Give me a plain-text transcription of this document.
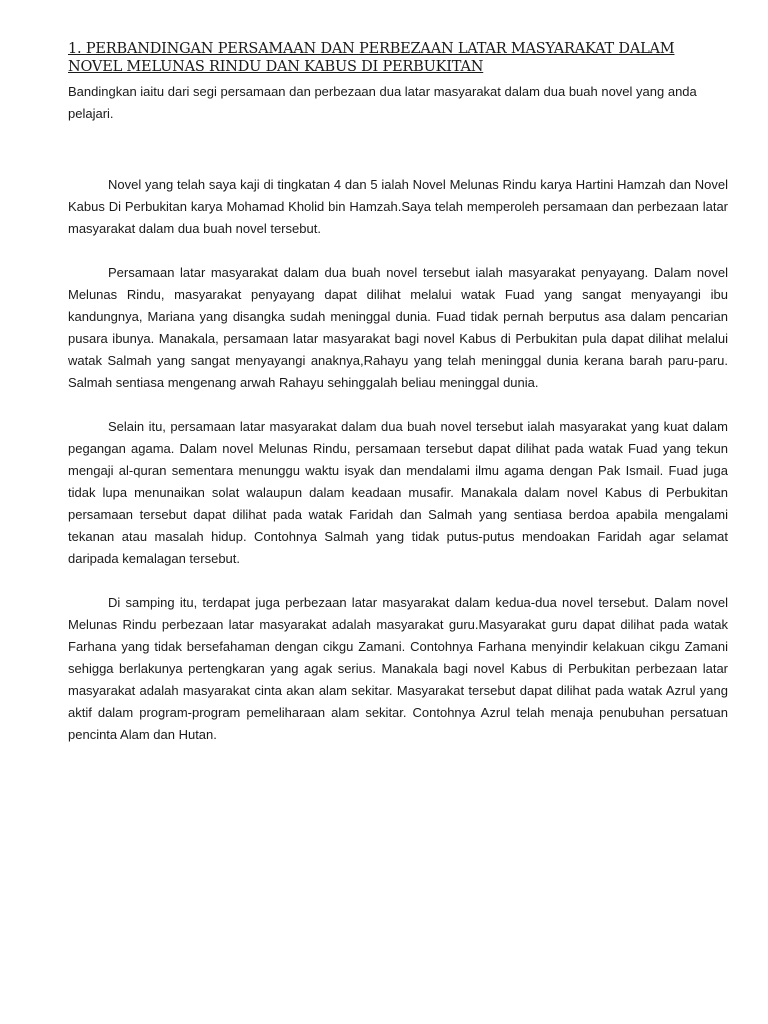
1. PERBANDINGAN PERSAMAAN DAN PERBEZAAN LATAR MASYARAKAT DALAM NOVEL MELUNAS RINDU DAN KABUS DI PERBUKITAN

Bandingkan iaitu dari segi persamaan dan perbezaan dua latar masyarakat dalam dua buah novel yang anda pelajari.

Novel yang telah saya kaji di tingkatan 4 dan 5 ialah Novel Melunas Rindu karya Hartini Hamzah dan Novel Kabus Di Perbukitan karya Mohamad Kholid bin Hamzah.Saya telah memperoleh persamaan dan perbezaan latar masyarakat dalam dua buah novel tersebut.

Persamaan latar masyarakat dalam dua buah novel tersebut ialah masyarakat penyayang. Dalam novel Melunas Rindu, masyarakat penyayang dapat dilihat melalui watak Fuad yang sangat menyayangi ibu kandungnya, Mariana yang disangka sudah meninggal dunia. Fuad tidak pernah berputus asa dalam pencarian pusara ibunya. Manakala, persamaan latar masyarakat bagi novel Kabus di Perbukitan pula dapat dilihat melalui watak Salmah yang sangat menyayangi anaknya,Rahayu yang telah meninggal dunia kerana barah paru-paru. Salmah sentiasa mengenang arwah Rahayu sehinggalah beliau meninggal dunia.

Selain itu, persamaan latar masyarakat dalam dua buah novel tersebut ialah masyarakat yang kuat dalam pegangan agama. Dalam novel Melunas Rindu, persamaan tersebut dapat dilihat pada watak Fuad yang tekun mengaji al-quran sementara menunggu waktu isyak dan mendalami ilmu agama dengan Pak Ismail. Fuad juga tidak lupa menunaikan solat walaupun dalam keadaan musafir. Manakala dalam novel Kabus di Perbukitan persamaan tersebut dapat dilihat pada watak Faridah dan Salmah yang sentiasa berdoa apabila mengalami tekanan atau masalah hidup. Contohnya Salmah yang tidak putus-putus mendoakan Faridah agar selamat daripada kemalagan tersebut.

Di samping itu, terdapat juga perbezaan latar masyarakat dalam kedua-dua novel tersebut. Dalam novel Melunas Rindu perbezaan latar masyarakat adalah masyarakat guru.Masyarakat guru dapat dilihat pada watak Farhana yang tidak bersefahaman dengan cikgu Zamani. Contohnya Farhana menyindir kelakuan cikgu Zamani sehigga berlakunya pertengkaran yang agak serius. Manakala bagi novel Kabus di Perbukitan perbezaan latar masyarakat adalah masyarakat cinta akan alam sekitar. Masyarakat tersebut dapat dilihat pada watak Azrul yang aktif dalam program-program pemeliharaan alam sekitar. Contohnya Azrul telah menaja penubuhan persatuan pencinta Alam dan Hutan.
